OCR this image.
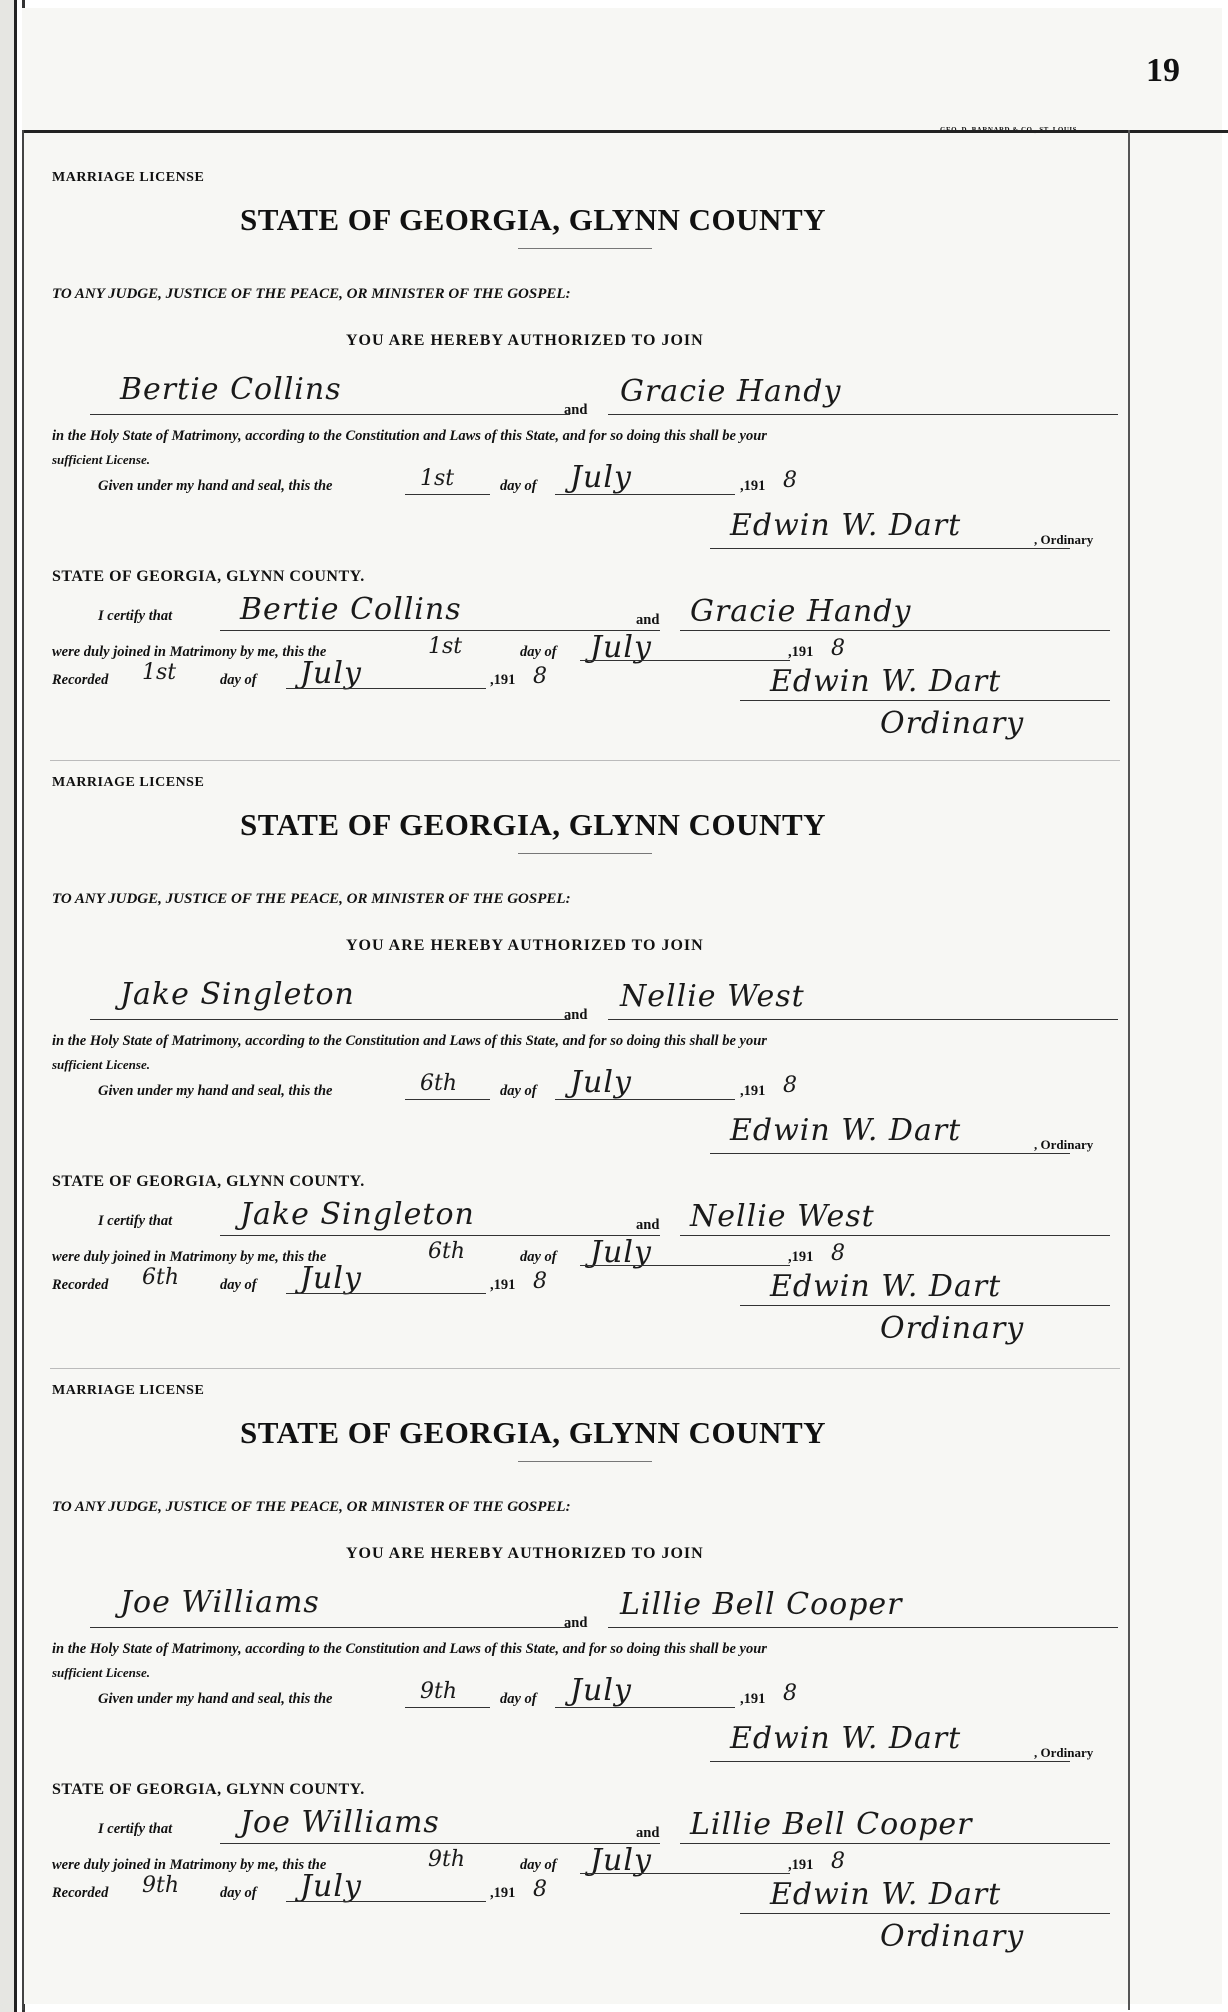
19
GEO. D. BARNARD & CO., ST. LOUIS
MARRIAGE LICENSE
STATE OF GEORGIA, GLYNN COUNTY
TO ANY JUDGE, JUSTICE OF THE PEACE, OR MINISTER OF THE GOSPEL:
YOU ARE HEREBY AUTHORIZED TO JOIN
Bertie Collins
and
Gracie Handy
in the Holy State of Matrimony, according to the Constitution and Laws of this State, and for so doing this shall be your
sufficient License.
Given under my hand and seal, this the	1st	day of July	,191 8
Edwin W. Dart	, Ordinary
STATE OF GEORGIA, GLYNN COUNTY.
I certify that Bertie Collins	and Gracie Handy
were duly joined in Matrimony by me, this the	1st	day of July	,191 8
Recorded 1st	day of July	,191 8	Edwin W. Dart
Ordinary
MARRIAGE LICENSE
STATE OF GEORGIA, GLYNN COUNTY
TO ANY JUDGE, JUSTICE OF THE PEACE, OR MINISTER OF THE GOSPEL:
YOU ARE HEREBY AUTHORIZED TO JOIN
Jake Singleton
and
Nellie West
in the Holy State of Matrimony, according to the Constitution and Laws of this State, and for so doing this shall be your
sufficient License.
Given under my hand and seal, this the	6th	day of July	,191 8
Edwin W. Dart	, Ordinary
STATE OF GEORGIA, GLYNN COUNTY.
I certify that Jake Singleton	and Nellie West
were duly joined in Matrimony by me, this the	6th	day of July	,191 8
Recorded 6th	day of July	,191 8	Edwin W. Dart
Ordinary
MARRIAGE LICENSE
STATE OF GEORGIA, GLYNN COUNTY
TO ANY JUDGE, JUSTICE OF THE PEACE, OR MINISTER OF THE GOSPEL:
YOU ARE HEREBY AUTHORIZED TO JOIN
Joe Williams
and
Lillie Bell Cooper
in the Holy State of Matrimony, according to the Constitution and Laws of this State, and for so doing this shall be your
sufficient License.
Given under my hand and seal, this the	9th	day of July	,191 8
Edwin W. Dart	, Ordinary
STATE OF GEORGIA, GLYNN COUNTY.
I certify that Joe Williams	and Lillie Bell Cooper
were duly joined in Matrimony by me, this the	9th	day of July	,191 8
Recorded 9th	day of July	,191 8	Edwin W. Dart
Ordinary
